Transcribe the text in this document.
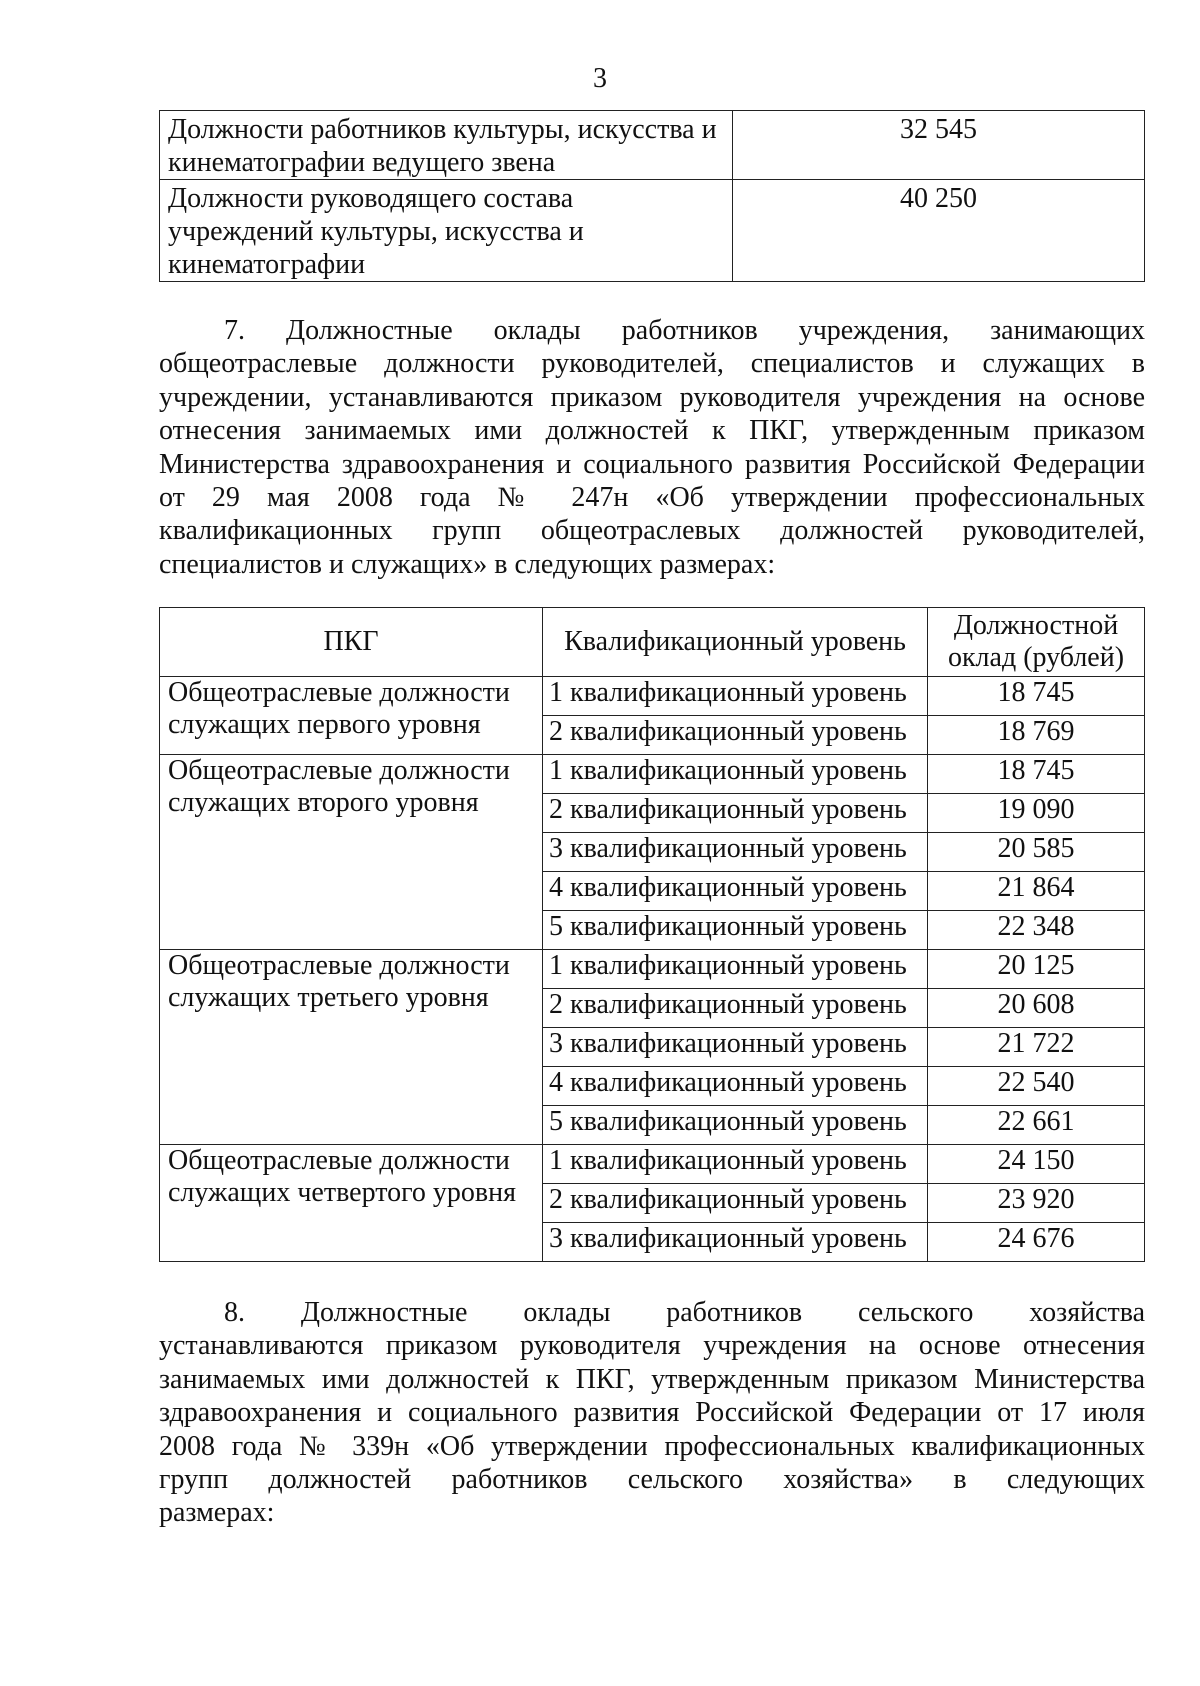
3
Должности работников культуры, искусства и кинематографии ведущего звена	32 545
Должности руководящего состава учреждений культуры, искусства и кинематографии	40 250
7. Должностные оклады работников учреждения, занимающих
общеотраслевые должности руководителей, специалистов и служащих в
учреждении, устанавливаются приказом руководителя учреждения на основе
отнесения занимаемых ими должностей к ПКГ, утвержденным приказом
Министерства здравоохранения и социального развития Российской Федерации
от 29 мая 2008 года № 247н «Об утверждении профессиональных
квалификационных групп общеотраслевых должностей руководителей,
специалистов и служащих» в следующих размерах:
ПКГ	Квалификационный уровень	Должностной оклад (рублей)
Общеотраслевые должности служащих первого уровня	1 квалификационный уровень	18 745
	2 квалификационный уровень	18 769
Общеотраслевые должности служащих второго уровня	1 квалификационный уровень	18 745
	2 квалификационный уровень	19 090
	3 квалификационный уровень	20 585
	4 квалификационный уровень	21 864
	5 квалификационный уровень	22 348
Общеотраслевые должности служащих третьего уровня	1 квалификационный уровень	20 125
	2 квалификационный уровень	20 608
	3 квалификационный уровень	21 722
	4 квалификационный уровень	22 540
	5 квалификационный уровень	22 661
Общеотраслевые должности служащих четвертого уровня	1 квалификационный уровень	24 150
	2 квалификационный уровень	23 920
	3 квалификационный уровень	24 676
8. Должностные оклады работников сельского хозяйства
устанавливаются приказом руководителя учреждения на основе отнесения
занимаемых ими должностей к ПКГ, утвержденным приказом Министерства
здравоохранения и социального развития Российской Федерации от 17 июля
2008 года № 339н «Об утверждении профессиональных квалификационных
групп должностей работников сельского хозяйства» в следующих
размерах:
